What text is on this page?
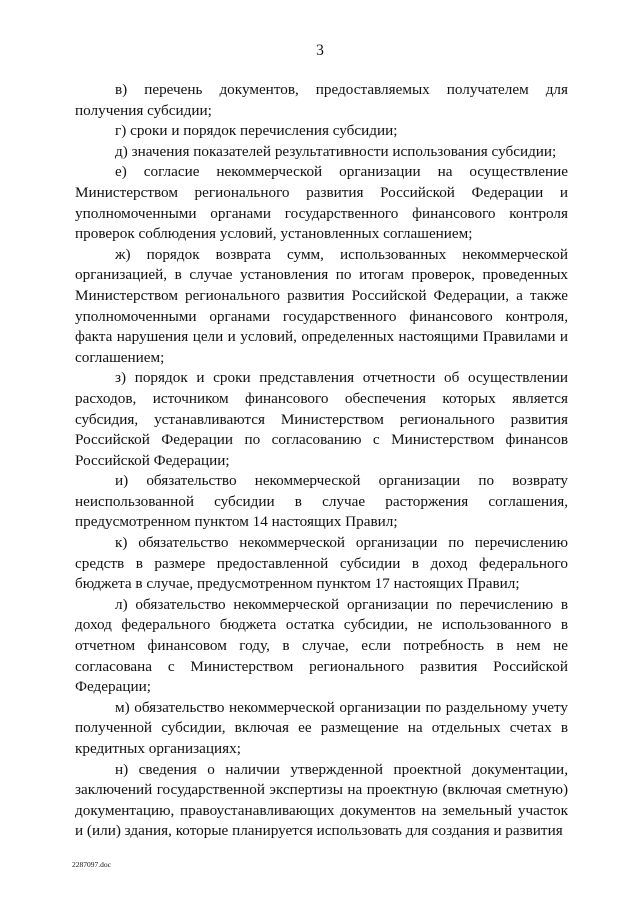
3

в) перечень документов, предоставляемых получателем для получения субсидии;

г) сроки и порядок перечисления субсидии;

д) значения показателей результативности использования субсидии;

е) согласие некоммерческой организации на осуществление Министерством регионального развития Российской Федерации и уполномоченными органами государственного финансового контроля проверок соблюдения условий, установленных соглашением;

ж) порядок возврата сумм, использованных некоммерческой организацией, в случае установления по итогам проверок, проведенных Министерством регионального развития Российской Федерации, а также уполномоченными органами государственного финансового контроля, факта нарушения цели и условий, определенных настоящими Правилами и соглашением;

з) порядок и сроки представления отчетности об осуществлении расходов, источником финансового обеспечения которых является субсидия, устанавливаются Министерством регионального развития Российской Федерации по согласованию с Министерством финансов Российской Федерации;

и) обязательство некоммерческой организации по возврату неиспользованной субсидии в случае расторжения соглашения, предусмотренном пунктом 14 настоящих Правил;

к) обязательство некоммерческой организации по перечислению средств в размере предоставленной субсидии в доход федерального бюджета в случае, предусмотренном пунктом 17 настоящих Правил;

л) обязательство некоммерческой организации по перечислению в доход федерального бюджета остатка субсидии, не использованного в отчетном финансовом году, в случае, если потребность в нем не согласована с Министерством регионального развития Российской Федерации;

м) обязательство некоммерческой организации по раздельному учету полученной субсидии, включая ее размещение на отдельных счетах в кредитных организациях;

н) сведения о наличии утвержденной проектной документации, заключений государственной экспертизы на проектную (включая сметную) документацию, правоустанавливающих документов на земельный участок и (или) здания, которые планируется использовать для создания и развития

2287097.doc
